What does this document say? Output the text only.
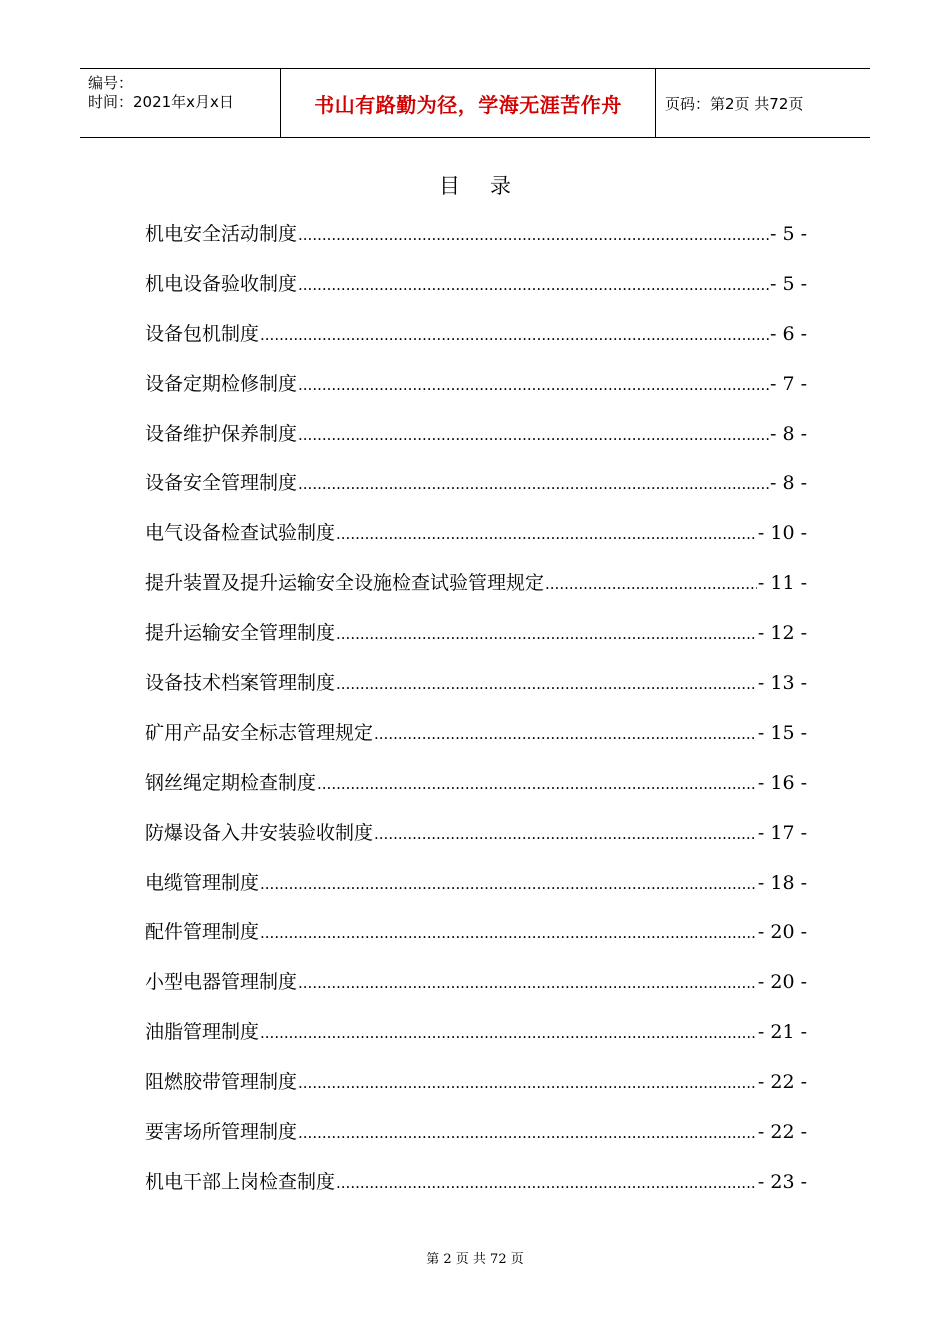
编号：
时间：2021年x月x日	书山有路勤为径，学海无涯苦作舟	页码：第2页 共72页
目录
机电安全活动制度 .....	- 5 -
机电设备验收制度 .....	- 5 -
设备包机制度 .....	- 6 -
设备定期检修制度 .....	- 7 -
设备维护保养制度 .....	- 8 -
设备安全管理制度 .....	- 8 -
电气设备检查试验制度 .....	- 10 -
提升装置及提升运输安全设施检查试验管理规定 .....	- 11 -
提升运输安全管理制度 .....	- 12 -
设备技术档案管理制度 .....	- 13 -
矿用产品安全标志管理规定 .....	- 15 -
钢丝绳定期检查制度 .....	- 16 -
防爆设备入井安装验收制度 .....	- 17 -
电缆管理制度 .....	- 18 -
配件管理制度 .....	- 20 -
小型电器管理制度 .....	- 20 -
油脂管理制度 .....	- 21 -
阻燃胶带管理制度 .....	- 22 -
要害场所管理制度 .....	- 22 -
机电干部上岗检查制度 .....	- 23 -
第 2 页 共 72 页
